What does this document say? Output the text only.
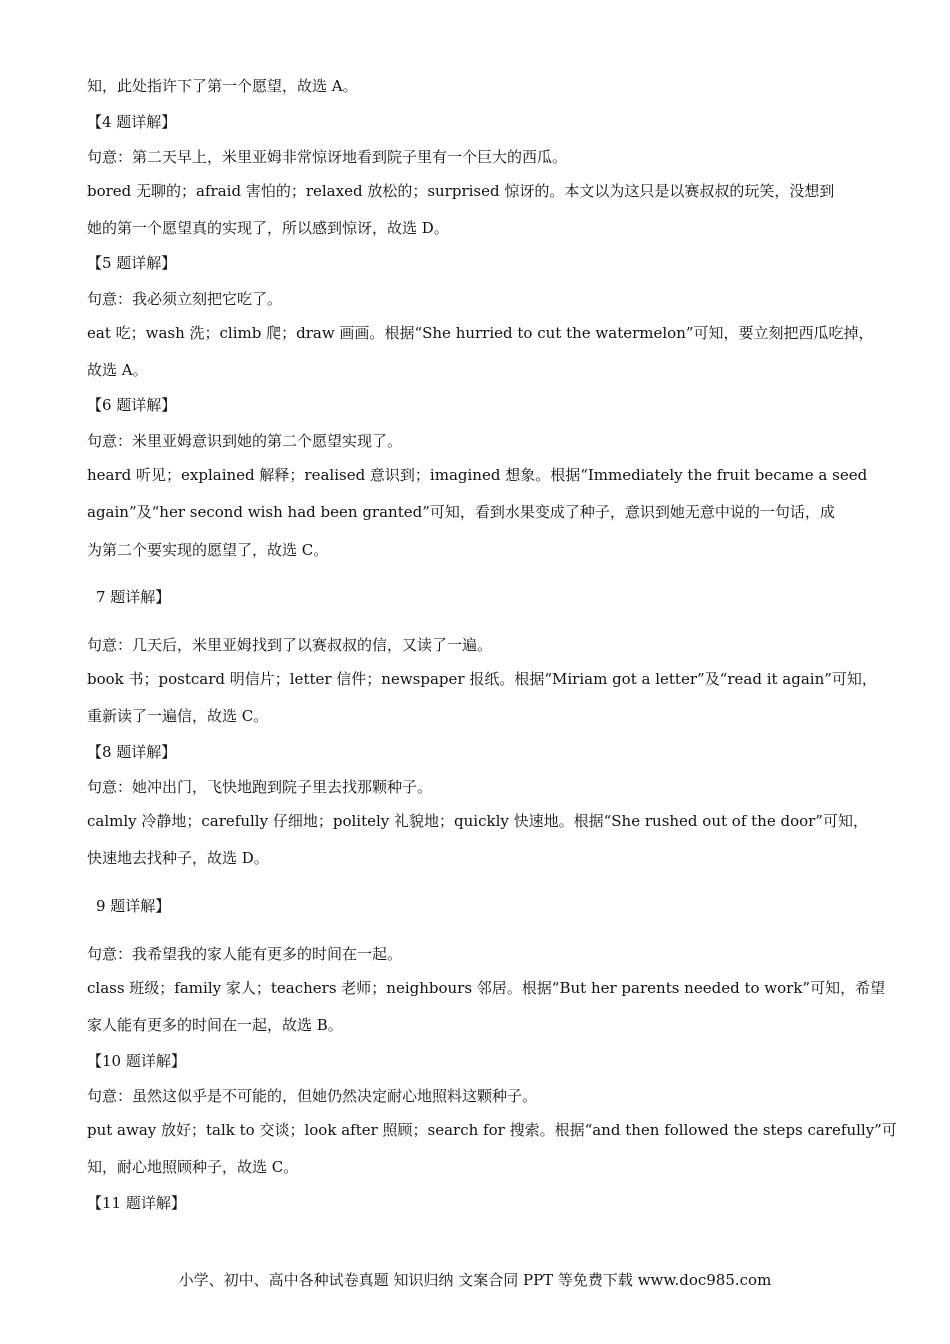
知，此处指许下了第一个愿望，故选 A。
【4 题详解】
句意：第二天早上，米里亚姆非常惊讶地看到院子里有一个巨大的西瓜。
bored 无聊的；afraid 害怕的；relaxed 放松的；surprised 惊讶的。本文以为这只是以赛叔叔的玩笑，没想到
她的第一个愿望真的实现了，所以感到惊讶，故选 D。
【5 题详解】
句意：我必须立刻把它吃了。
eat 吃；wash 洗；climb 爬；draw 画画。根据“She hurried to cut the watermelon”可知，要立刻把西瓜吃掉，
故选 A。
【6 题详解】
句意：米里亚姆意识到她的第二个愿望实现了。
heard 听见；explained 解释；realised 意识到；imagined 想象。根据“Immediately the fruit became a seed
again”及“her second wish had been granted”可知，看到水果变成了种子，意识到她无意中说的一句话，成
为第二个要实现的愿望了，故选 C。
7 题详解】
句意：几天后，米里亚姆找到了以赛叔叔的信，又读了一遍。
book 书；postcard 明信片；letter 信件；newspaper 报纸。根据“Miriam got a letter”及“read it again”可知，
重新读了一遍信，故选 C。
【8 题详解】
句意：她冲出门，飞快地跑到院子里去找那颗种子。
calmly 冷静地；carefully 仔细地；politely 礼貌地；quickly 快速地。根据“She rushed out of the door”可知，
快速地去找种子，故选 D。
9 题详解】
句意：我希望我的家人能有更多的时间在一起。
class 班级；family 家人；teachers 老师；neighbours 邻居。根据“But her parents needed to work”可知，希望
家人能有更多的时间在一起，故选 B。
【10 题详解】
句意：虽然这似乎是不可能的，但她仍然决定耐心地照料这颗种子。
put away 放好；talk to 交谈；look after 照顾；search for 搜索。根据“and then followed the steps carefully”可
知，耐心地照顾种子，故选 C。
【11 题详解】
小学、初中、高中各种试卷真题 知识归纳 文案合同 PPT 等免费下载 www.doc985.com
